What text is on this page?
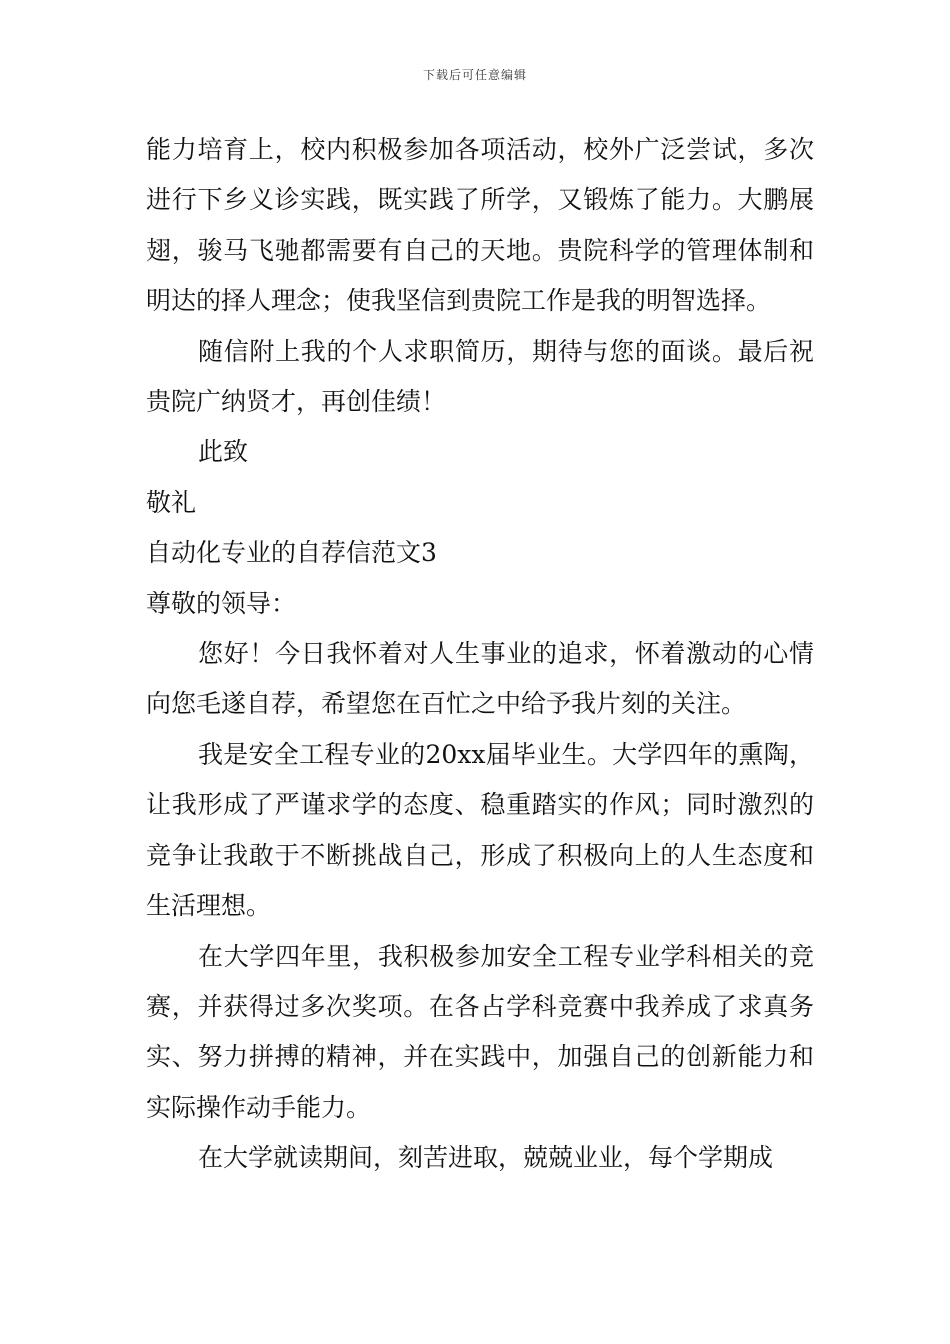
下载后可任意编辑

能力培育上，校内积极参加各项活动，校外广泛尝试，多次进行下乡义诊实践，既实践了所学，又锻炼了能力。大鹏展翅，骏马飞驰都需要有自己的天地。贵院科学的管理体制和明达的择人理念；使我坚信到贵院工作是我的明智选择。

随信附上我的个人求职简历，期待与您的面谈。最后祝贵院广纳贤才，再创佳绩！

此致

敬礼

自动化专业的自荐信范文3

尊敬的领导：

您好！今日我怀着对人生事业的追求，怀着激动的心情向您毛遂自荐，希望您在百忙之中给予我片刻的关注。

我是安全工程专业的20xx届毕业生。大学四年的熏陶，让我形成了严谨求学的态度、稳重踏实的作风；同时激烈的竞争让我敢于不断挑战自己，形成了积极向上的人生态度和生活理想。

在大学四年里，我积极参加安全工程专业学科相关的竞赛，并获得过多次奖项。在各占学科竞赛中我养成了求真务实、努力拼搏的精神，并在实践中，加强自己的创新能力和实际操作动手能力。

在大学就读期间，刻苦进取，兢兢业业，每个学期成
